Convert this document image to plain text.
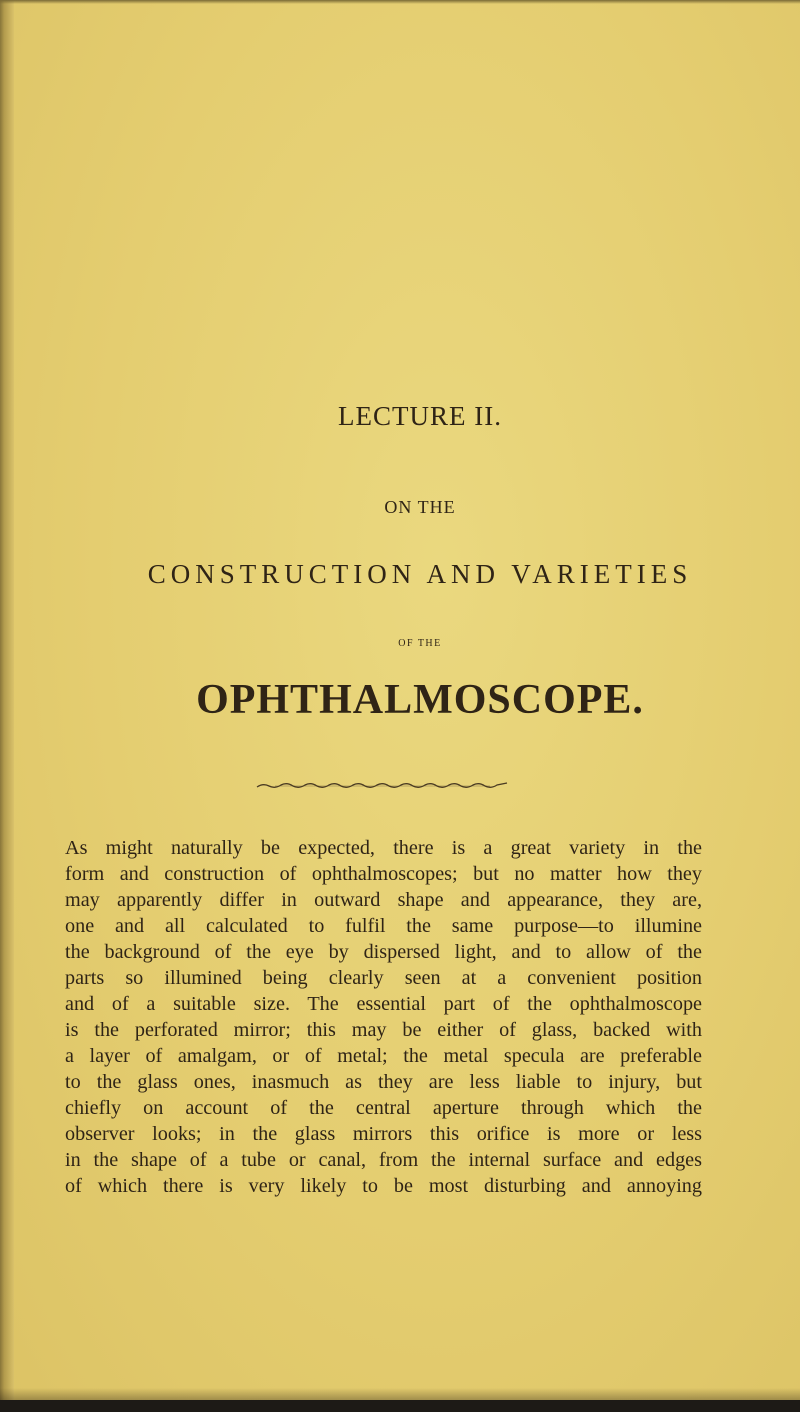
LECTURE II.
ON THE
CONSTRUCTION AND VARIETIES
OF THE
OPHTHALMOSCOPE.
As might naturally be expected, there is a great variety in the
form and construction of ophthalmoscopes; but no matter how they
may apparently differ in outward shape and appearance, they are,
one and all calculated to fulfil the same purpose—to illumine
the background of the eye by dispersed light, and to allow of the
parts so illumined being clearly seen at a convenient position
and of a suitable size. The essential part of the ophthalmoscope
is the perforated mirror; this may be either of glass, backed with
a layer of amalgam, or of metal; the metal specula are preferable
to the glass ones, inasmuch as they are less liable to injury, but
chiefly on account of the central aperture through which the
observer looks; in the glass mirrors this orifice is more or less
in the shape of a tube or canal, from the internal surface and edges
of which there is very likely to be most disturbing and annoying
